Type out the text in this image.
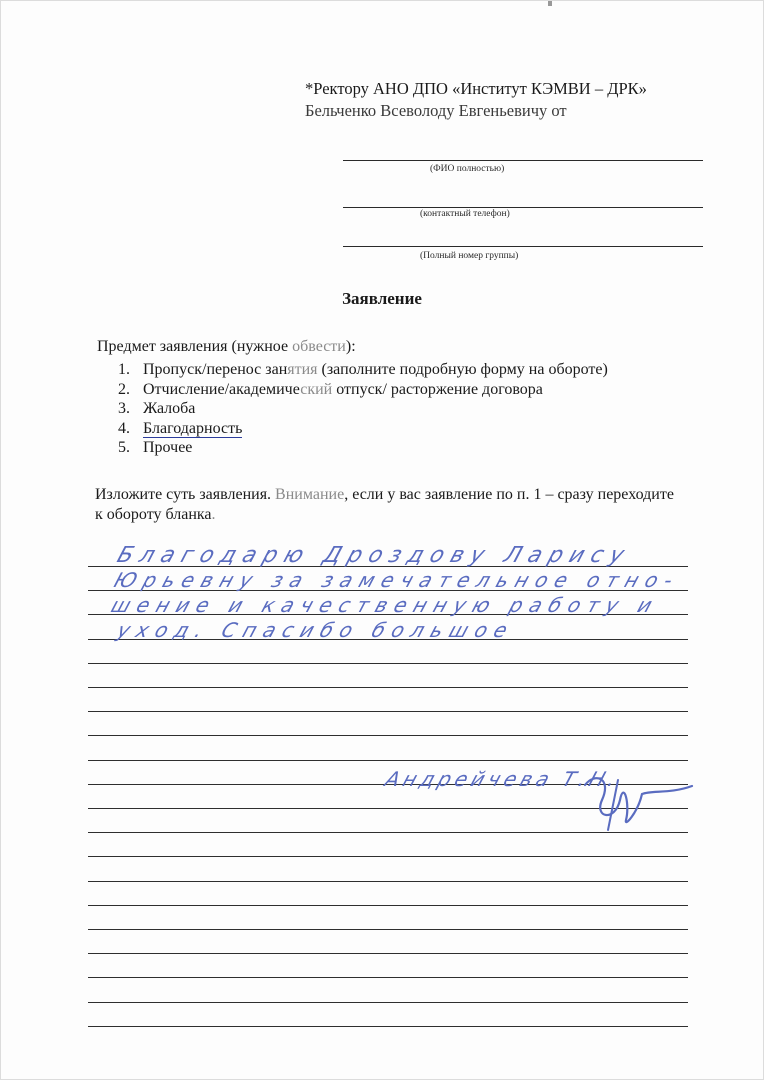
*Ректору АНО ДПО «Институт КЭМВИ – ДРК»
Бельченко Всеволоду Евгеньевичу от
(ФИО полностью)
(контактный телефон)
(Полный номер группы)
Заявление
Предмет заявления (нужное обвести):
1. Пропуск/перенос занятия (заполните подробную форму на обороте)
2. Отчисление/академический отпуск/ расторжение договора
3. Жалоба
4. Благодарность
5. Прочее
Изложите суть заявления. Внимание, если у вас заявление по п. 1 – сразу переходите к обороту бланка.
Благодарю Дроздову Ларису
Юрьевну за замечательное отно-
шение и качественную работу и
уход. Спасибо большое
Андрейчева Т.Н.
